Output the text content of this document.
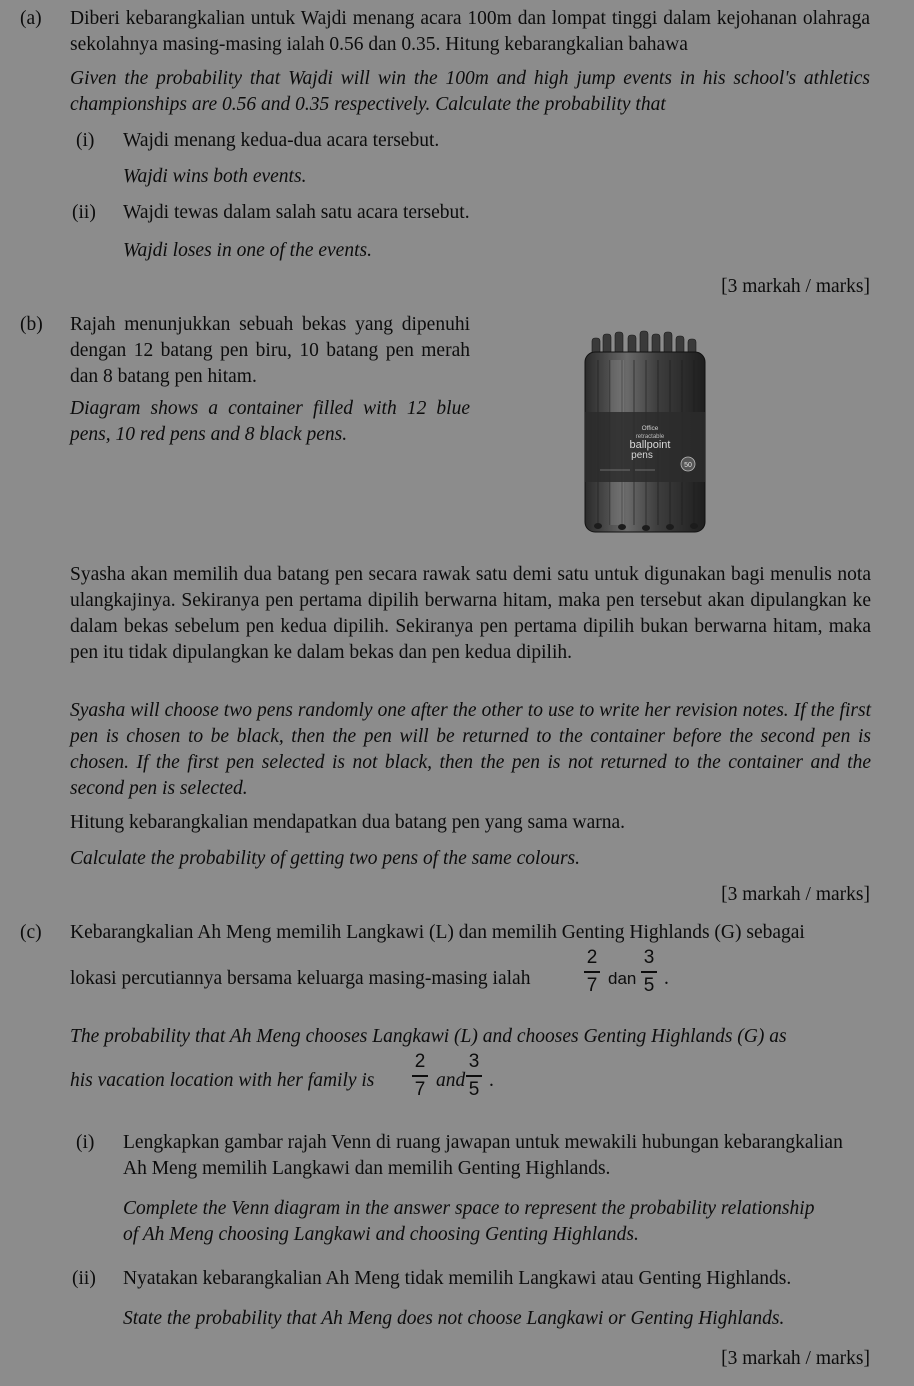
(a) Diberi kebarangkalian untuk Wajdi menang acara 100m dan lompat tinggi dalam kejohanan olahraga sekolahnya masing-masing ialah 0.56 dan 0.35. Hitung kebarangkalian bahawa
Given the probability that Wajdi will win the 100m and high jump events in his school's athletics championships are 0.56 and 0.35 respectively. Calculate the probability that
(i) Wajdi menang kedua-dua acara tersebut.
Wajdi wins both events.
(ii) Wajdi tewas dalam salah satu acara tersebut.
Wajdi loses in one of the events.
[3 markah / marks]
(b) Rajah menunjukkan sebuah bekas yang dipenuhi dengan 12 batang pen biru, 10 batang pen merah dan 8 batang pen hitam.
Diagram shows a container filled with 12 blue pens, 10 red pens and 8 black pens.	Office
retractable
ballpoint
pens
50
Syasha akan memilih dua batang pen secara rawak satu demi satu untuk digunakan bagi menulis nota ulangkajinya. Sekiranya pen pertama dipilih berwarna hitam, maka pen tersebut akan dipulangkan ke dalam bekas sebelum pen kedua dipilih. Sekiranya pen pertama dipilih bukan berwarna hitam, maka pen itu tidak dipulangkan ke dalam bekas dan pen kedua dipilih.
Syasha will choose two pens randomly one after the other to use to write her revision notes. If the first pen is chosen to be black, then the pen will be returned to the container before the second pen is chosen. If the first pen selected is not black, then the pen is not returned to the container and the second pen is selected.
Hitung kebarangkalian mendapatkan dua batang pen yang sama warna.
Calculate the probability of getting two pens of the same colours.
[3 markah / marks]
(c) Kebarangkalian Ah Meng memilih Langkawi (L) dan memilih Genting Highlands (G) sebagai
lokasi percutiannya bersama keluarga masing-masing ialah
2
7 dan
3
5 .
The probability that Ah Meng chooses Langkawi (L) and chooses Genting Highlands (G) as
his vacation location with her family is
2
7 and
3
5 .
(i) Lengkapkan gambar rajah Venn di ruang jawapan untuk mewakili hubungan kebarangkalian Ah Meng memilih Langkawi dan memilih Genting Highlands.
Complete the Venn diagram in the answer space to represent the probability relationship of Ah Meng choosing Langkawi and choosing Genting Highlands.
(ii) Nyatakan kebarangkalian Ah Meng tidak memilih Langkawi atau Genting Highlands.
State the probability that Ah Meng does not choose Langkawi or Genting Highlands.
[3 markah / marks]
